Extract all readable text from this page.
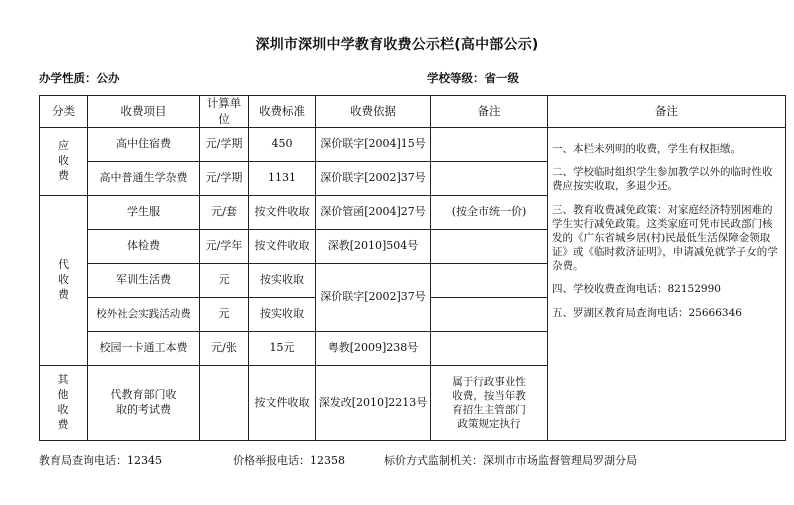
深圳市深圳中学教育收费公示栏(高中部公示)
办学性质：公办	学校等级：省一级
分类	收费项目	计算单位	收费标准	收费依据	备注	备注

应收费	高中住宿费	元/学期	450	深价联字[2004]15号		一、本栏未列明的收费，学生有权拒缴。

二、学校临时组织学生参加教学以外的临时性收费应按实收取，多退少还。

三、教育收费减免政策：对家庭经济特别困难的学生实行减免政策。这类家庭可凭市民政部门核发的《广东省城乡居(村)民最低生活保障金领取证》或《临时救济证明》，申请减免就学子女的学杂费。

四、学校收费查询电话：82152990

五、罗湖区教育局查询电话：25666346

	高中普通生学杂费	元/学期	1131	深价联字[2002]37号		

代收费	学生服	元/套	按文件收取	深价管函[2004]27号	(按全市统一价)	
	体检费	元/学年	按文件收取	深教[2010]504号		
	军训生活费	元	按实收取	深价联字[2002]37号		
	校外社会实践活动费	元	按实收取			
	校园一卡通工本费	元/张	15元	粤教[2009]238号		

其他收费	代教育部门收取的考试费		按文件收取	深发改[2010]2213号	属于行政事业性收费，按当年教育招生主管部门政策规定执行	
教育局查询电话：12345	价格举报电话：12358	标价方式监制机关：深圳市市场监督管理局罗湖分局
